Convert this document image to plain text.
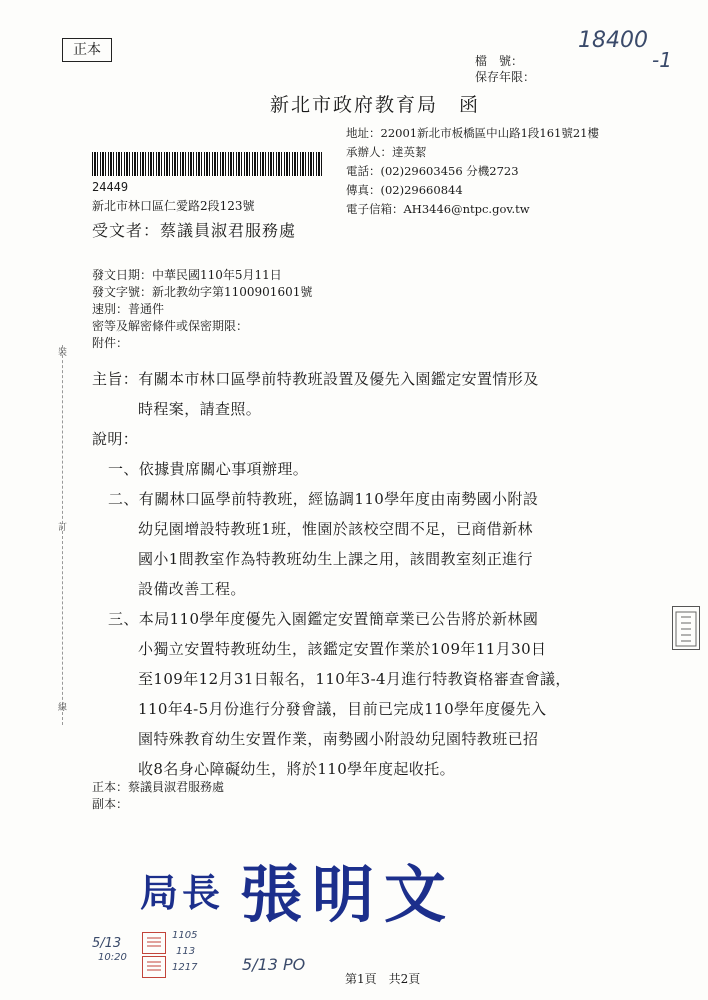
正本
檔　號：
保存年限：
18400
-1
新北市政府教育局　函
地址：22001新北市板橋區中山路1段161號21樓
承辦人：達英絜
電話：(02)29603456 分機2723
傳真：(02)29660844
電子信箱：AH3446@ntpc.gov.tw
24449
新北市林口區仁愛路2段123號
受文者：蔡議員淑君服務處
發文日期：中華民國110年5月11日
發文字號：新北教幼字第1100901601號
速別：普通件
密等及解密條件或保密期限：
附件：
裝
訂
線
主旨：有關本市林口區學前特教班設置及優先入園鑑定安置情形及
時程案，請查照。
說明：
一、依據貴席關心事項辦理。
二、有關林口區學前特教班，經協調110學年度由南勢國小附設
幼兒園增設特教班1班，惟園於該校空間不足，已商借新林
國小1間教室作為特教班幼生上課之用，該間教室刻正進行
設備改善工程。
三、本局110學年度優先入園鑑定安置簡章業已公告將於新林國
小獨立安置特教班幼生，該鑑定安置作業於109年11月30日
至109年12月31日報名，110年3-4月進行特教資格審查會議，
110年4-5月份進行分發會議，目前已完成110學年度優先入
園特殊教育幼生安置作業，南勢國小附設幼兒園特教班已招
收8名身心障礙幼生，將於110學年度起收托。
正本：蔡議員淑君服務處
副本：
局長 張明文
5/13
10:20
1105
113
1217	5/13 PO
第1頁　共2頁
